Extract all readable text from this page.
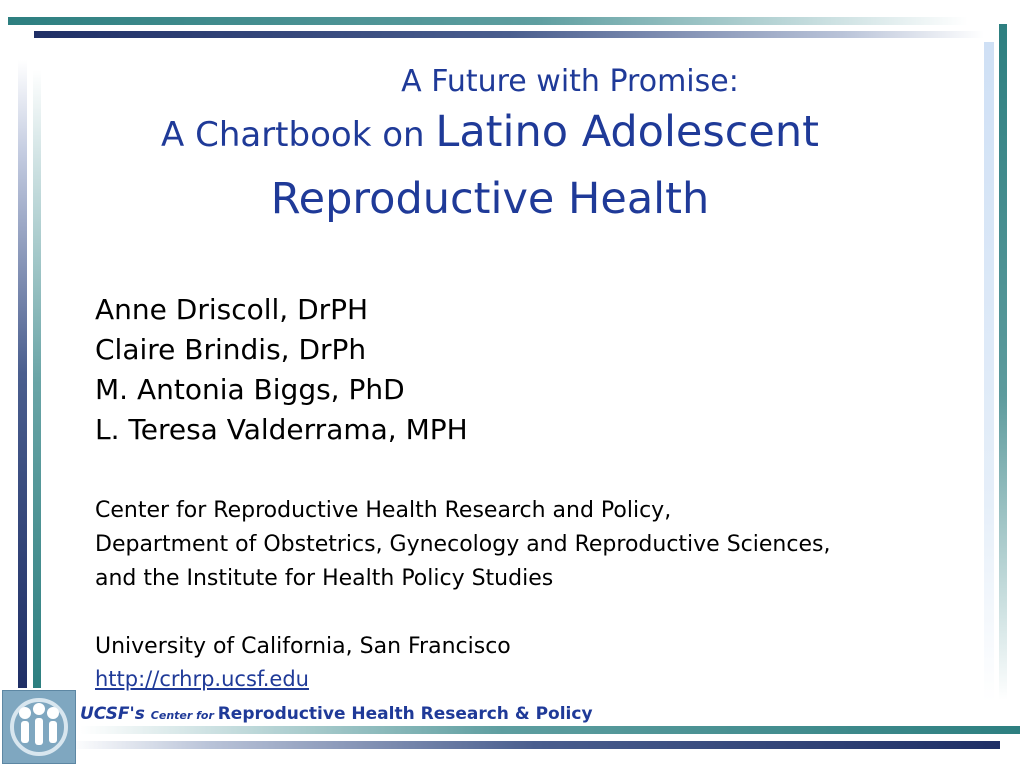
A Future with Promise:
A Chartbook on Latino Adolescent
Reproductive Health
Anne Driscoll, DrPH
Claire Brindis, DrPh
M. Antonia Biggs, PhD
L. Teresa Valderrama, MPH
Center for Reproductive Health Research and Policy,
Department of Obstetrics, Gynecology and Reproductive Sciences,
and the Institute for Health Policy Studies
University of California, San Francisco
http://crhrp.ucsf.edu
UCSF's Center for Reproductive Health Research & Policy
